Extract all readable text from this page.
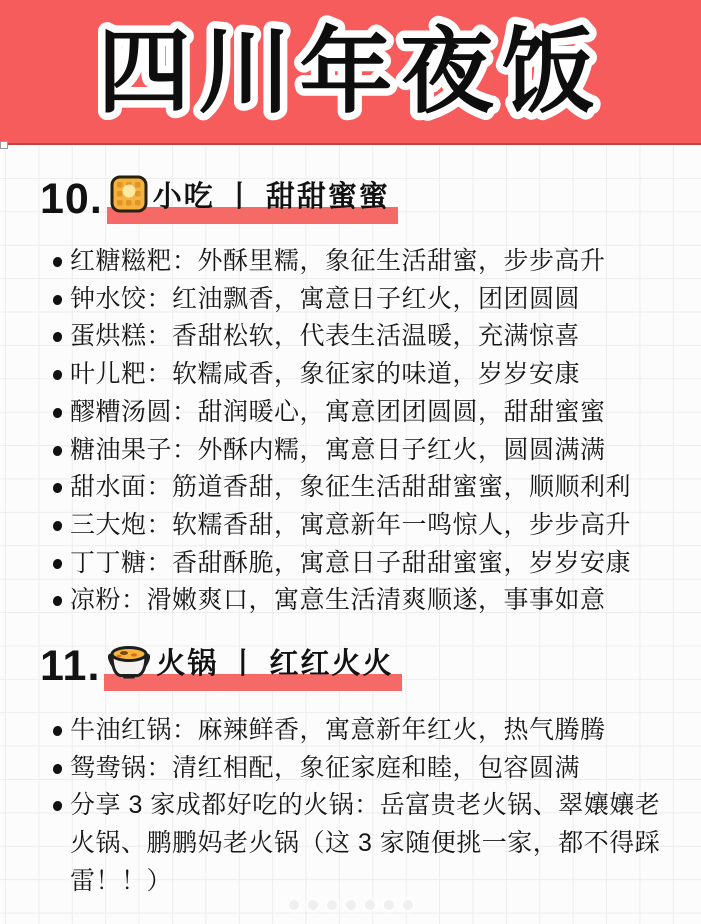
四川年夜饭
10. 小吃 丨 甜甜蜜蜜
红糖糍粑：外酥里糯，象征生活甜蜜，步步高升
钟水饺：红油飘香，寓意日子红火，团团圆圆
蛋烘糕：香甜松软，代表生活温暖，充满惊喜
叶儿粑：软糯咸香，象征家的味道，岁岁安康
醪糟汤圆：甜润暖心，寓意团团圆圆，甜甜蜜蜜
糖油果子：外酥内糯，寓意日子红火，圆圆满满
甜水面：筋道香甜，象征生活甜甜蜜蜜，顺顺利利
三大炮：软糯香甜，寓意新年一鸣惊人，步步高升
丁丁糖：香甜酥脆，寓意日子甜甜蜜蜜，岁岁安康
凉粉：滑嫩爽口，寓意生活清爽顺遂，事事如意
11. 火锅 丨 红红火火
牛油红锅：麻辣鲜香，寓意新年红火，热气腾腾
鸳鸯锅：清红相配，象征家庭和睦，包容圆满
分享 3 家成都好吃的火锅：岳富贵老火锅、翠孃孃老火锅、鹏鹏妈老火锅（这 3 家随便挑一家，都不得踩雷！！）
